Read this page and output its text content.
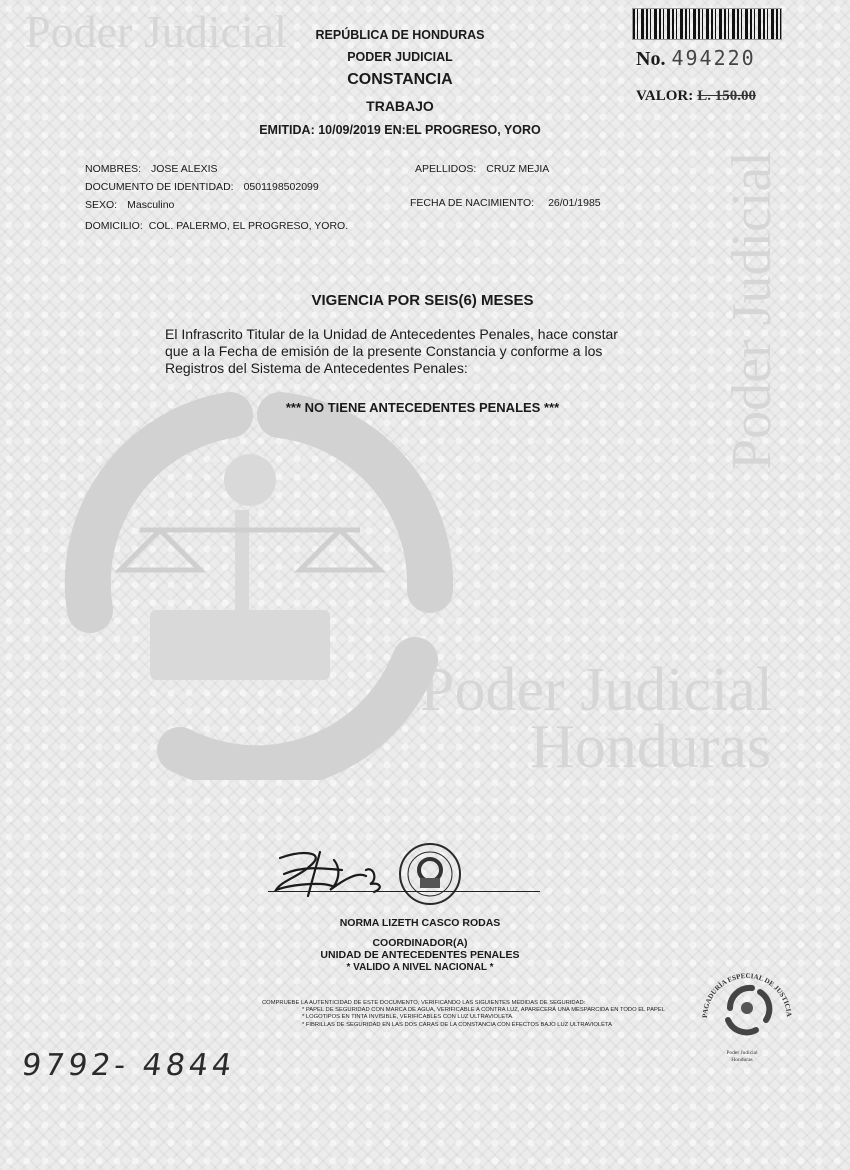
Poder Judicial
Poder Judicial
Poder Judicial
Honduras
No. 494220
VALOR: L. 150.00
REPÚBLICA DE HONDURAS
PODER JUDICIAL
CONSTANCIA
TRABAJO
EMITIDA: 10/09/2019 EN:EL PROGRESO, YORO
NOMBRES: JOSE ALEXIS	APELLIDOS: CRUZ MEJIA
DOCUMENTO DE IDENTIDAD: 0501198502099
SEXO: Masculino	FECHA DE NACIMIENTO: 26/01/1985
DOMICILIO: COL. PALERMO, EL PROGRESO, YORO.
VIGENCIA POR SEIS(6) MESES

El Infrascrito Titular de la Unidad de Antecedentes Penales, hace constar

que a la Fecha de emisión de la presente Constancia y conforme a los

Registros del Sistema de Antecedentes Penales:

*** NO TIENE ANTECEDENTES PENALES ***
NORMA LIZETH CASCO RODAS
COORDINADOR(A)
UNIDAD DE ANTECEDENTES PENALES
* VALIDO A NIVEL NACIONAL *

COMPRUEBE LA AUTENTICIDAD DE ESTE DOCUMENTO, VERIFICANDO LAS SIGUIENTES MEDIDAS DE SEGURIDAD:

* PAPEL DE SEGURIDAD CON MARCA DE AGUA, VERIFICABLE A CONTRA LUZ, APARECERÁ UNA MESPARCIDA EN TODO EL PAPEL

* LOGOTIPOS EN TINTA INVISIBLE, VERIFICABLES CON LUZ ULTRAVIOLETA.

* FIBRILLAS DE SEGURIDAD EN LAS DOS CARAS DE LA CONSTANCIA CON EFECTOS BAJO LUZ ULTRAVIOLETA

PAGADURÍA ESPECIAL DE JUSTICIA
Poder Judicial
Honduras
9792- 4844
